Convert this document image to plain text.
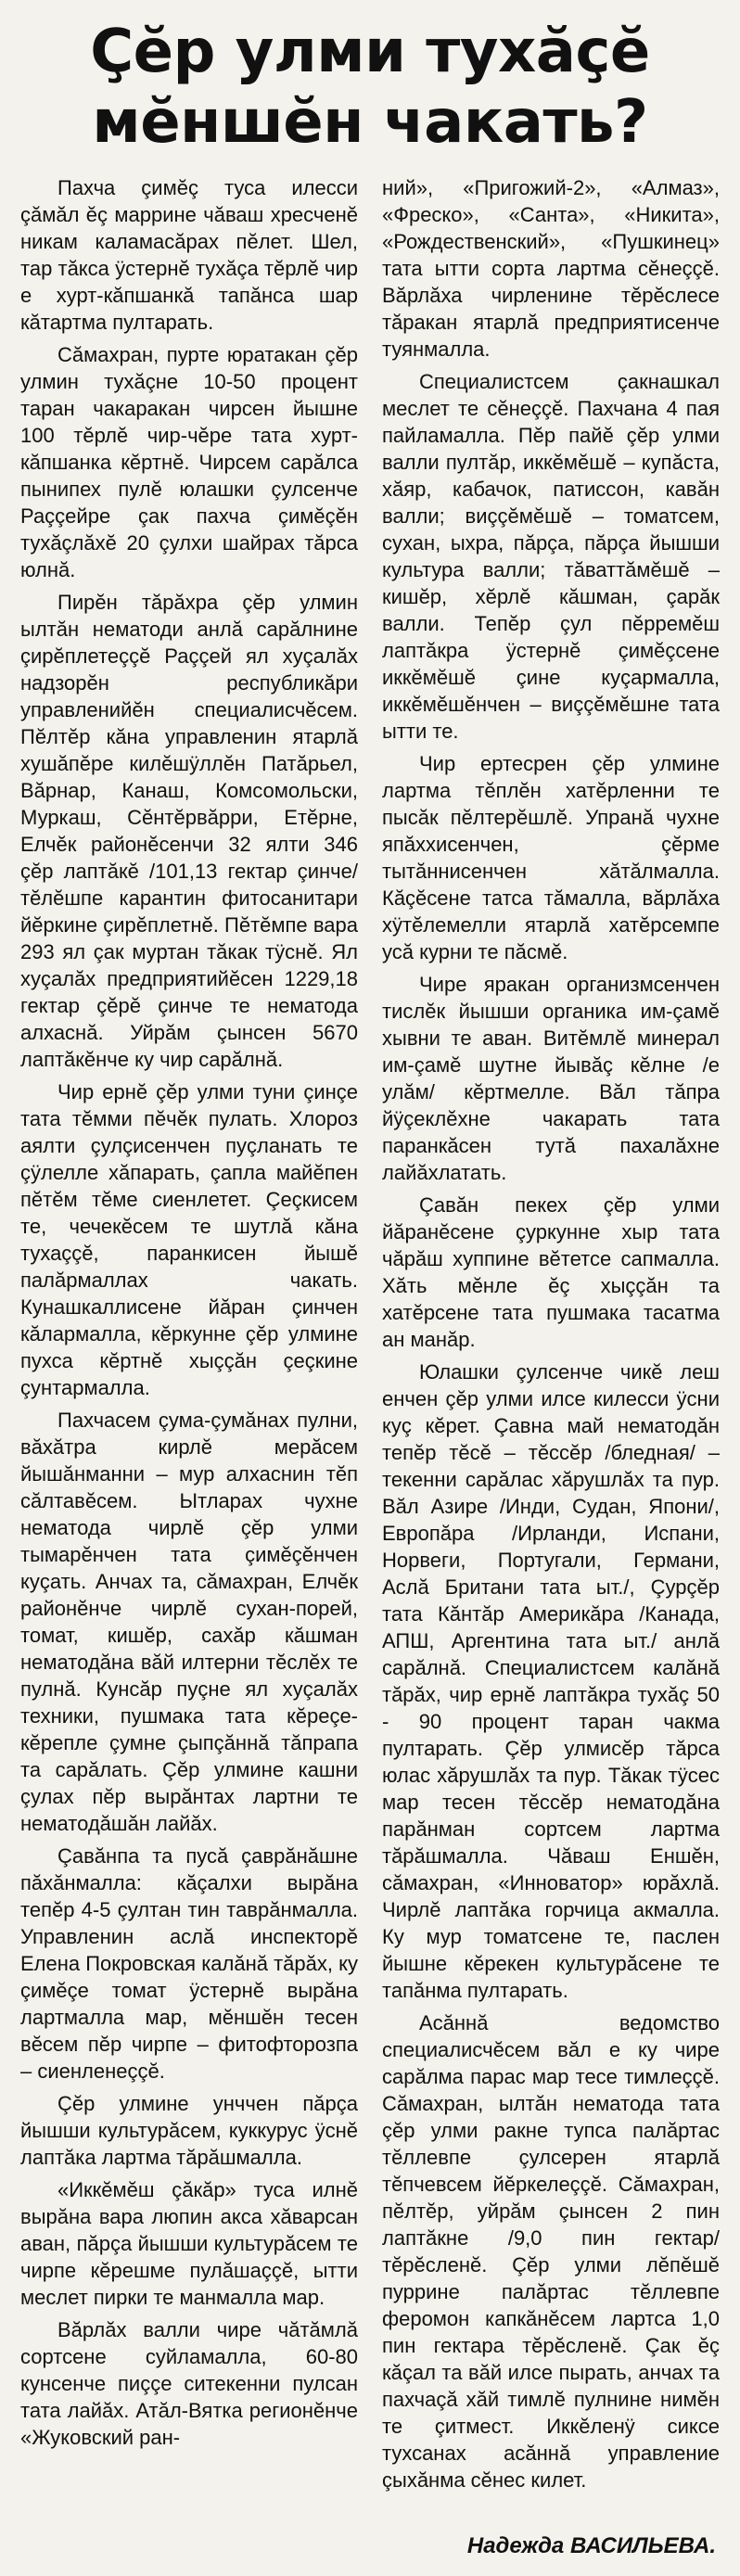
Çĕр улми тухăçĕ
мĕншĕн чакать?

Пахча çимĕç туса илесси çăмăл ĕç маррине чăваш хресченĕ никам каламасăрах пĕлет. Шел, тар тăкса ÿстернĕ тухăçа тĕрлĕ чир е хурт-кăпшанкă тапăнса шар кăтартма пултарать.

Сăмахран, пурте юратакан çĕр улмин тухăçне 10-50 процент таран чакаракан чирсен йышне 100 тĕрлĕ чир-чĕре тата хурт-кăпшанка кĕртнĕ. Чирсем сарăлса пынипех пулĕ юлашки çулсенче Раççейре çак пахча çимĕçĕн тухăçлăхĕ 20 çулхи шайрах тăрса юлнă.

Пирĕн тăрăхра çĕр улмин ылтăн нематоди анлă сарăлнине çирĕплетеççĕ Раççей ял хуçалăх надзорĕн республикăри управленийĕн специалисчĕсем. Пĕлтĕр кăна управленин ятарлă хушăпĕре килĕшÿллĕн Патăрьел, Вăрнар, Канаш, Комсомольски, Муркаш, Сĕнтĕрвăрри, Етĕрне, Елчĕк районĕсенчи 32 ялти 346 çĕр лаптăкĕ /101,13 гектар çинче/ тĕлĕшпе карантин фитосанитари йĕркине çирĕплетнĕ. Пĕтĕмпе вара 293 ял çак муртан тăкак тÿснĕ. Ял хуçалăх предприятийĕсен 1229,18 гектар çĕрĕ çинче те нематода алхаснă. Уйрăм çынсен 5670 лаптăкĕнче ку чир сарăлнă.

Чир ернĕ çĕр улми туни çинçе тата тĕмми пĕчĕк пулать. Хлороз аялти çулçисенчен пуçланать те çÿлелле хăпарать, çапла майĕпен пĕтĕм тĕме сиенлетет. Çеçкисем те, чечекĕсем те шутлă кăна тухаççĕ, паранкисен йышĕ палăрмаллах чакать. Кунашкаллисене йăран çинчен кăлармалла, кĕркунне çĕр улмине пухса кĕртнĕ хыççăн çеçкине çунтармалла.

Пахчасем çума-çумăнах пулни, вăхăтра кирлĕ мерăсем йышăнманни – мур алхаснин тĕп сăлтавĕсем. Ытларах чухне нематода чирлĕ çĕр улми тымарĕнчен тата çимĕçĕнчен куçать. Анчах та, сăмахран, Елчĕк районĕнче чирлĕ сухан-порей, томат, кишĕр, сахăр кăшман нематодăна вăй илтерни тĕслĕх те пулнă. Кунсăр пуçне ял хуçалăх техники, пушмака тата кĕреçе-кĕрепле çумне çыпçăннă тăпрапа та сарăлать. Çĕр улмине кашни çулах пĕр вырăнтах лартни те нематодăшăн лайăх.

Çавăнпа та пусă çаврăнăшне пăхăнмалла: кăçалхи вырăна тепĕр 4-5 çултан тин таврăнмалла. Управленин аслă инспекторĕ Елена Покровская калăнă тăрăх, ку çимĕçе томат ÿстернĕ вырăна лартмалла мар, мĕншĕн тесен вĕсем пĕр чирпе – фитофторозпа – сиенленеççĕ.

Çĕр улмине унччен пăрçа йышши культурăсем, куккурус ÿснĕ лаптăка лартма тăрăшмалла.

«Иккĕмĕш çăкăр» туса илнĕ вырăна вара люпин акса хăварсан аван, пăрçа йышши культурăсем те чирпе кĕрешме пулăшаççĕ, ытти меслет пирки те манмалла мар.

Вăрлăх валли чире чăтăмлă сортсене суйламалла, 60-80 кунсенче пиççе ситекенни пулсан тата лайăх. Атăл-Вятка регионĕнче «Жуковский ран-

ний», «Пригожий-2», «Алмаз», «Фреско», «Санта», «Никита», «Рождественский», «Пушкинец» тата ытти сорта лартма сĕнеççĕ. Вăрлăха чирленине тĕрĕслесе тăракан ятарлă предприятисенче туянмалла.

Специалистсем çакнашкал меслет те сĕнеççĕ. Пахчана 4 пая пайламалла. Пĕр пайĕ çĕр улми валли пултăр, иккĕмĕшĕ – купăста, хăяр, кабачок, патиссон, кавăн валли; виççĕмĕшĕ – томатсем, сухан, ыхра, пăрçа, пăрçа йышши культура валли; тăваттăмĕшĕ – кишĕр, хĕрлĕ кăшман, çарăк валли. Тепĕр çул пĕрремĕш лаптăкра ÿстернĕ çимĕçсене иккĕмĕшĕ çине куçармалла, иккĕмĕшĕнчен – виççĕмĕшне тата ытти те.

Чир ертесрен çĕр улмине лартма тĕплĕн хатĕрленни те пысăк пĕлтерĕшлĕ. Упранă чухне япăххисенчен, çĕрме тытăннисенчен хăтăлмалла. Кăçĕсене татса тăмалла, вăрлăха хÿтĕлемелли ятарлă хатĕрсемпе усă курни те пăсмĕ.

Чире яракан организмсенчен тислĕк йышши органика им-çамĕ хывни те аван. Витĕмлĕ минерал им-çамĕ шутне йывăç кĕлне /е улăм/ кĕртмелле. Вăл тăпра йÿçеклĕхне чакарать тата паранкăсен тутă пахалăхне лайăхлатать.

Çавăн пекех çĕр улми йăранĕсене çуркунне хыр тата чăрăш хуппине вĕтетсе сапмалла. Хăть мĕнле ĕç хыççăн та хатĕрсене тата пушмака тасатма ан манăр.

Юлашки çулсенче чикĕ леш енчен çĕр улми илсе килесси ÿсни куç кĕрет. Çавна май нематодăн тепĕр тĕсĕ – тĕссĕр /бледная/ – текенни сарăлас хăрушлăх та пур. Вăл Азире /Инди, Судан, Япони/, Европăра /Ирланди, Испани, Норвеги, Португали, Германи, Аслă Британи тата ыт./, Çурçĕр тата Кăнтăр Америкăра /Канада, АПШ, Аргентина тата ыт./ анлă сарăлнă. Специалистсем калăнă тăрăх, чир ернĕ лаптăкра тухăç 50 - 90 процент таран чакма пултарать. Çĕр улмисĕр тăрса юлас хăрушлăх та пур. Тăкак тÿсес мар тесен тĕссĕр нематодăна парăнман сортсем лартма тăрăшмалла. Чăваш Еншĕн, сăмахран, «Инноватор» юрăхлă. Чирлĕ лаптăка горчица акмалла. Ку мур томатсене те, паслен йышне кĕрекен культурăсене те тапăнма пултарать.

Асăннă ведомство специалисчĕсем вăл е ку чире сарăлма парас мар тесе тимлеççĕ. Сăмахран, ылтăн нематода тата çĕр улми ракне тупса палăртас тĕллевпе çулсерен ятарлă тĕпчевсем йĕркелеççĕ. Сăмахран, пĕлтĕр, уйрăм çынсен 2 пин лаптăкне /9,0 пин гектар/ тĕрĕсленĕ. Çĕр улми лĕпĕшĕ пуррине палăртас тĕллевпе феромон капкăнĕсем лартса 1,0 пин гектара тĕрĕсленĕ. Çак ĕç кăçал та вăй илсе пырать, анчах та пахчаçă хăй тимлĕ пулнине нимĕн те çитмест. Иккĕленÿ сиксе тухсанах асăннă управление çыхăнма сĕнес килет.

Надежда ВАСИЛЬЕВА.
